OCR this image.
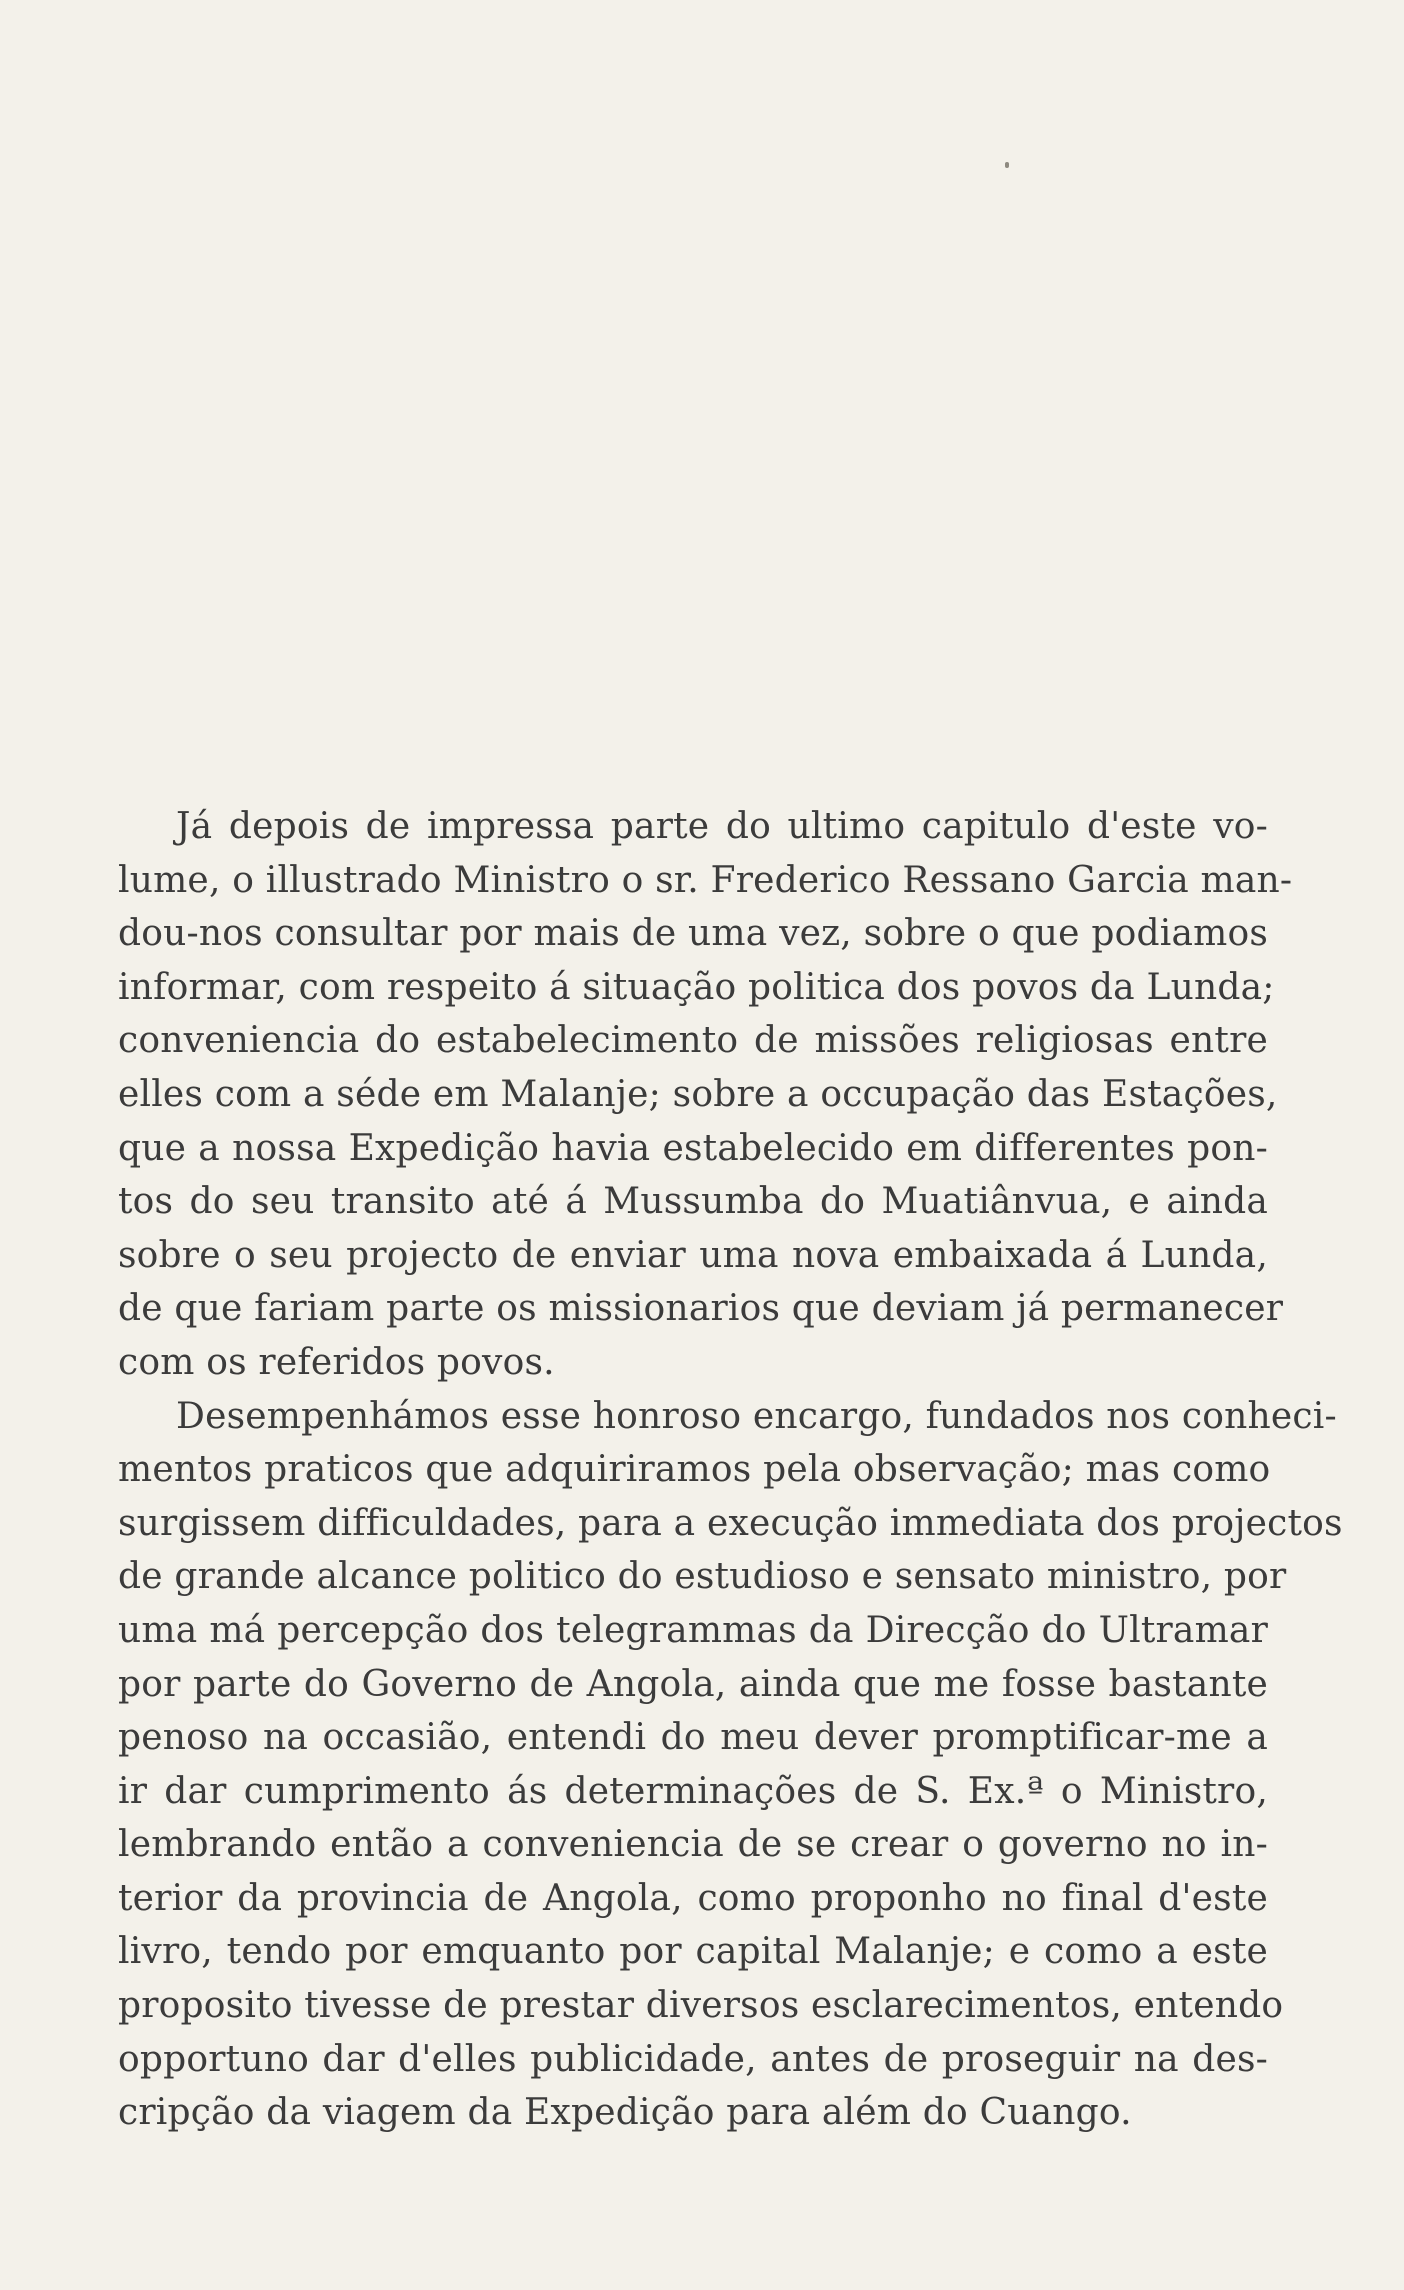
Já depois de impressa parte do ultimo capitulo d'este vo-
lume, o illustrado Ministro o sr. Frederico Ressano Garcia man-
dou-nos consultar por mais de uma vez, sobre o que podiamos
informar, com respeito á situação politica dos povos da Lunda;
conveniencia do estabelecimento de missões religiosas entre
elles com a séde em Malanje; sobre a occupação das Estações,
que a nossa Expedição havia estabelecido em differentes pon-
tos do seu transito até á Mussumba do Muatiânvua, e ainda
sobre o seu projecto de enviar uma nova embaixada á Lunda,
de que fariam parte os missionarios que deviam já permanecer
com os referidos povos.
Desempenhámos esse honroso encargo, fundados nos conheci-
mentos praticos que adquiriramos pela observação; mas como
surgissem difficuldades, para a execução immediata dos projectos
de grande alcance politico do estudioso e sensato ministro, por
uma má percepção dos telegrammas da Direcção do Ultramar
por parte do Governo de Angola, ainda que me fosse bastante
penoso na occasião, entendi do meu dever promptificar-me a
ir dar cumprimento ás determinações de S. Ex.ª o Ministro,
lembrando então a conveniencia de se crear o governo no in-
terior da provincia de Angola, como proponho no final d'este
livro, tendo por emquanto por capital Malanje; e como a este
proposito tivesse de prestar diversos esclarecimentos, entendo
opportuno dar d'elles publicidade, antes de proseguir na des-
cripção da viagem da Expedição para além do Cuango.
